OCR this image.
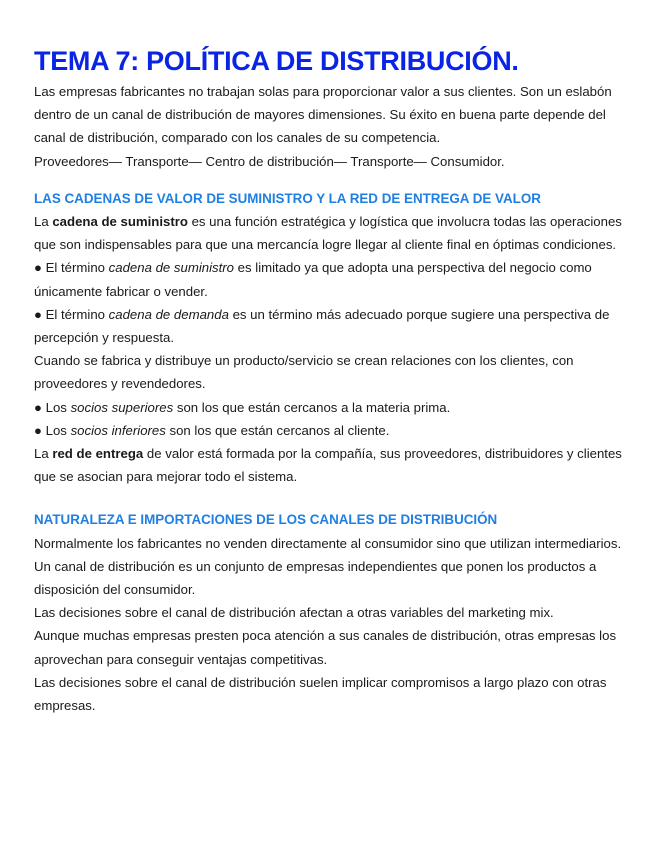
TEMA 7: POLÍTICA DE DISTRIBUCIÓN.

Las empresas fabricantes no trabajan solas para proporcionar valor a sus clientes. Son un eslabón dentro de un canal de distribución de mayores dimensiones. Su éxito en buena parte depende del canal de distribución, comparado con los canales de su competencia.

Proveedores— Transporte— Centro de distribución— Transporte— Consumidor.

LAS CADENAS DE VALOR DE SUMINISTRO Y LA RED DE ENTREGA DE VALOR

La cadena de suministro es una función estratégica y logística que involucra todas las operaciones que son indispensables para que una mercancía logre llegar al cliente final en óptimas condiciones.

● El término cadena de suministro es limitado ya que adopta una perspectiva del negocio como únicamente fabricar o vender.

● El término cadena de demanda es un término más adecuado porque sugiere una perspectiva de percepción y respuesta.

Cuando se fabrica y distribuye un producto/servicio se crean relaciones con los clientes, con proveedores y revendedores.

● Los socios superiores son los que están cercanos a la materia prima.

● Los socios inferiores son los que están cercanos al cliente.

La red de entrega de valor está formada por la compañía, sus proveedores, distribuidores y clientes que se asocian para mejorar todo el sistema.

NATURALEZA E IMPORTACIONES DE LOS CANALES DE DISTRIBUCIÓN

Normalmente los fabricantes no venden directamente al consumidor sino que utilizan intermediarios.

Un canal de distribución es un conjunto de empresas independientes que ponen los productos a disposición del consumidor.

Las decisiones sobre el canal de distribución afectan a otras variables del marketing mix.

Aunque muchas empresas presten poca atención a sus canales de distribución, otras empresas los aprovechan para conseguir ventajas competitivas.

Las decisiones sobre el canal de distribución suelen implicar compromisos a largo plazo con otras empresas.
